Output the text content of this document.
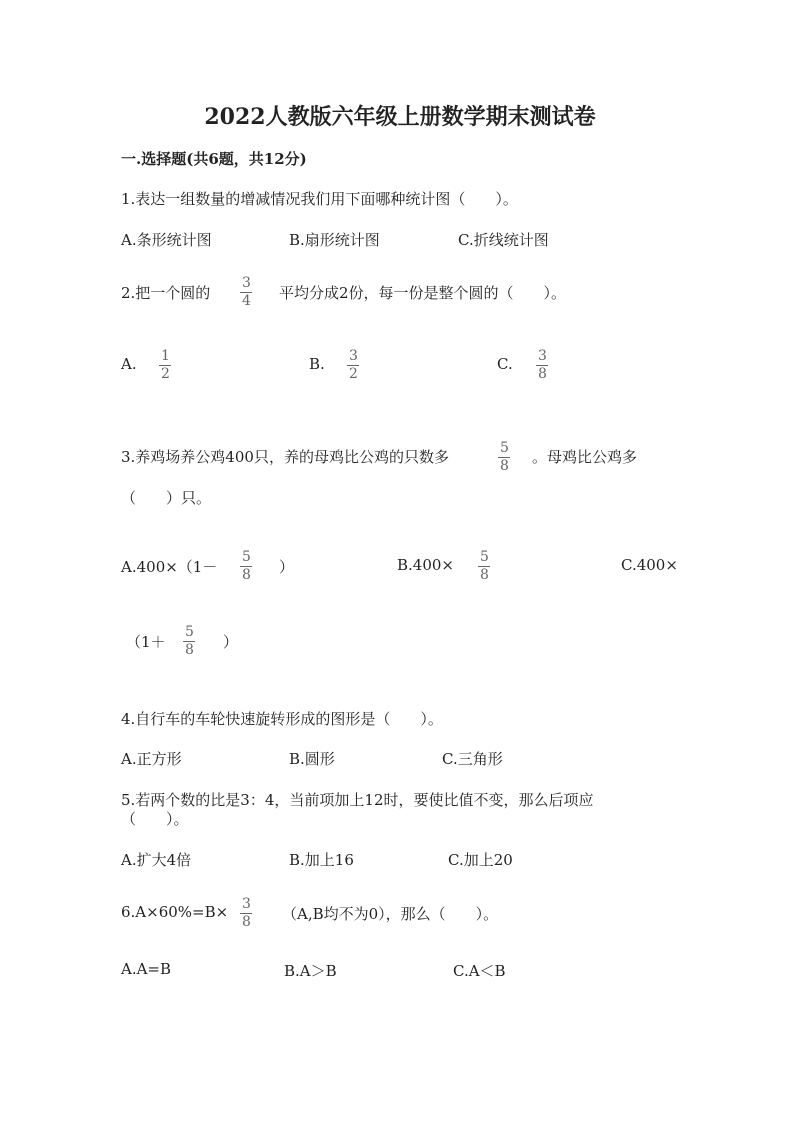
2022人教版六年级上册数学期末测试卷
一.选择题(共6题，共12分)
1.表达一组数量的增减情况我们用下面哪种统计图（　　）。
A.条形统计图	B.扇形统计图	C.折线统计图
2.把一个圆的
3
4 平均分成2份，每一份是整个圆的（　　）。
A. 1
2
B. 3
2
C. 3
8
3.养鸡场养公鸡400只，养的母鸡比公鸡的只数多	5
8 。母鸡比公鸡多
（　　）只。
A.400×（1－
5
8 ）	B.400× 5
8
C.400×
（1＋
5
8 ）
4.自行车的车轮快速旋转形成的图形是（　　）。
A.正方形	B.圆形	C.三角形
5.若两个数的比是3：4，当前项加上12时，要使比值不变，那么后项应
（　　）。
A.扩大4倍	B.加上16	C.加上20
6.A×60%=B× 3
8 （A,B均不为0），那么（　　）。
A.A=B	B.A＞B	C.A＜B
